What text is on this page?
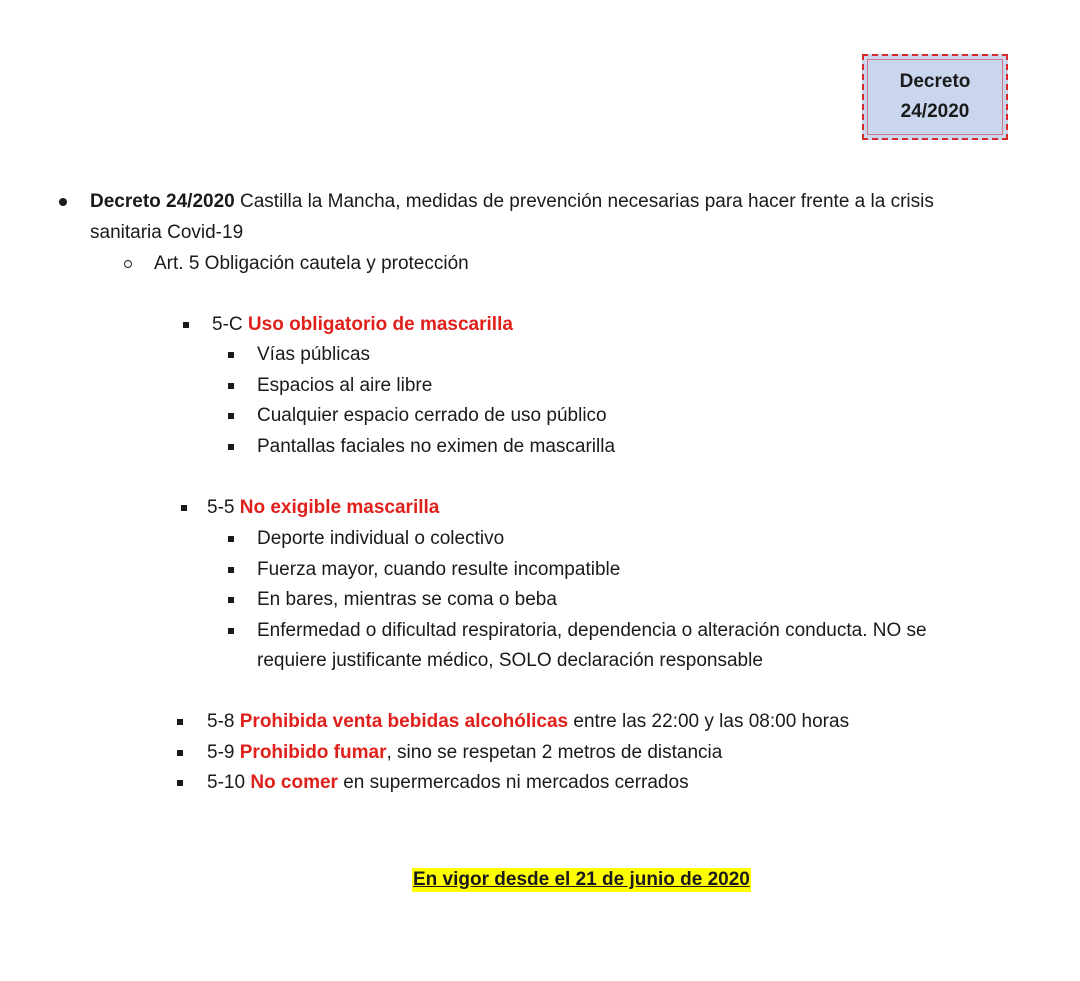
Decreto
24/2020
Decreto 24/2020 Castilla la Mancha, medidas de prevención necesarias para hacer frente a la crisis
sanitaria Covid-19
Art. 5 Obligación cautela y protección
5-C Uso obligatorio de mascarilla
Vías públicas
Espacios al aire libre
Cualquier espacio cerrado de uso público
Pantallas faciales no eximen de mascarilla
5-5 No exigible mascarilla
Deporte individual o colectivo
Fuerza mayor, cuando resulte incompatible
En bares, mientras se coma o beba
Enfermedad o dificultad respiratoria, dependencia o alteración conducta. NO se
requiere justificante médico, SOLO declaración responsable
5-8 Prohibida venta bebidas alcohólicas entre las 22:00 y las 08:00 horas
5-9 Prohibido fumar, sino se respetan 2 metros de distancia
5-10 No comer en supermercados ni mercados cerrados
En vigor desde el 21 de junio de 2020
